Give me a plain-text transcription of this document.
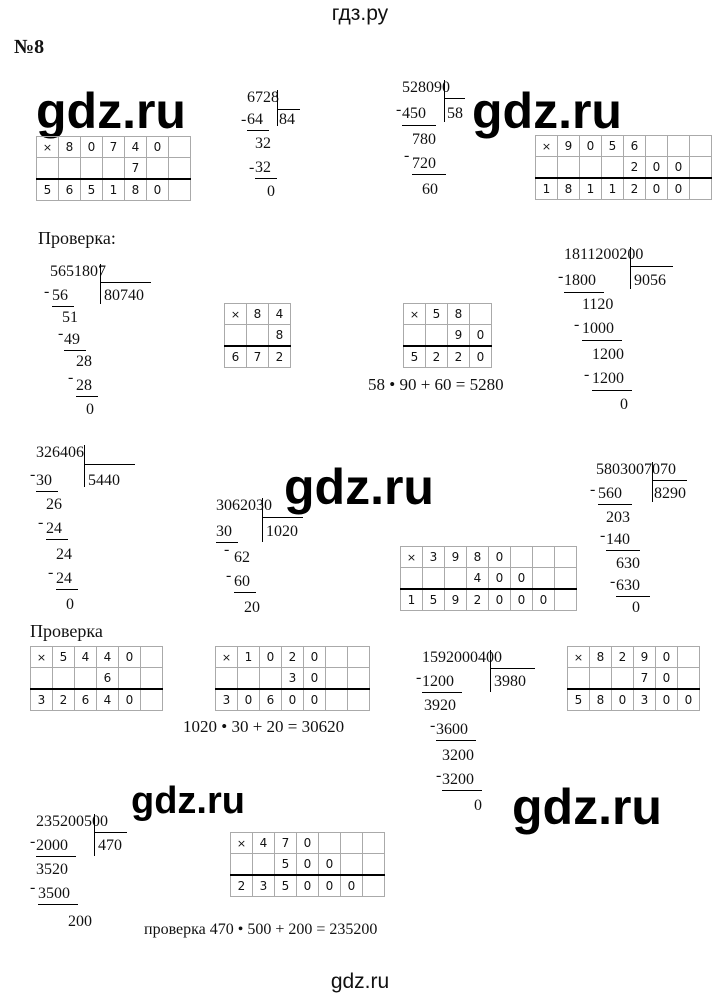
гдз.ру
№8
gdz.ru	gdz.ru
gdz.ru
gdz.ru	gdz.ru
Проверка:
Проверка
58 • 90 + 60 = 5280
1020 • 30 + 20 = 30620
проверка 470 • 500 + 200 = 235200
×	8	0	7	4	0	
				7		
5	6	5	1	8	0	
×	9	0	5	6			
				2	0	0	
1	8	1	1	2	0	0	
×	8	4
		8
6	7	2
×	5	8	
		9	0
5	2	2	0
×	3	9	8	0			
			4	0	0		
1	5	9	2	0	0	0	
×	5	4	4	0	
			6		
3	2	6	4	0	
×	1	0	2	0		
			3	0		
3	0	6	0	0		
×	8	2	9	0	
			7	0	
5	8	0	3	0	0
×	4	7	0			
		5	0	0		
2	3	5	0	0	0	
6728
- 64 84
32
- 32
0
528090
- 450 58
780
- 720
60
5651807
- 56 80740
51
- 49
28
- 28
0
1811200200
- 1800 9056
1120
- 1000
1200
- 1200
0
326406
- 30 5440
26
- 24
24
- 24
0
3062030
30 1020
- 62
- 60
20
5803007070
- 560 8290
203
- 140
630
- 630
0
1592000400
- 1200	3980
3920
- 3600
3200
- 3200
0
235200500
- 2000 470
3520
- 3500
200
gdz.ru
